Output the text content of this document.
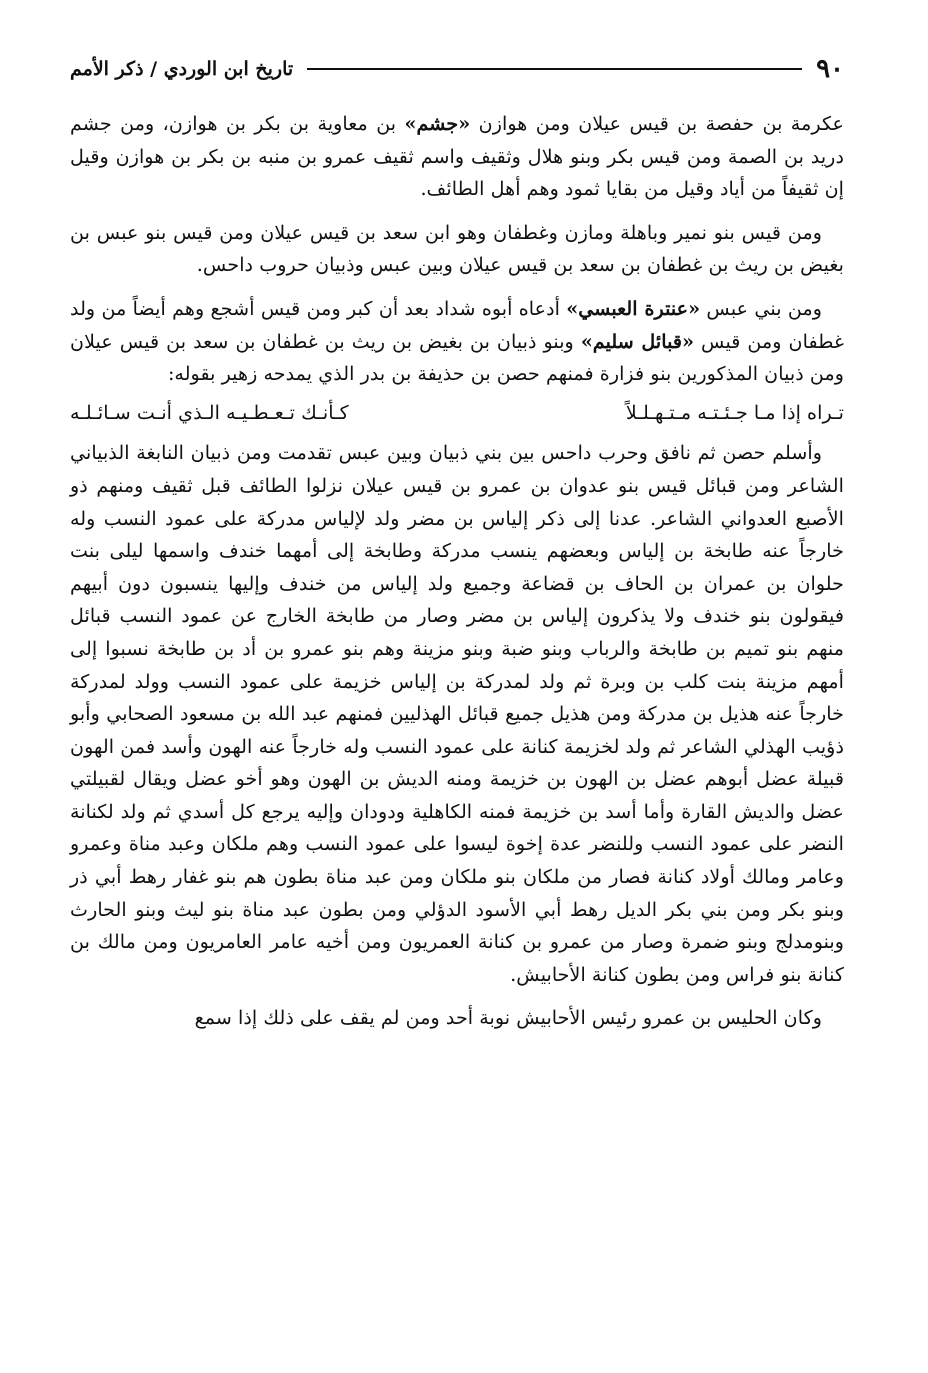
٩٠
تاريخ ابن الوردي / ذكر الأمم

عكرمة بن حفصة بن قيس عيلان ومن هوازن «جشم» بن معاوية بن بكر بن هوازن، ومن جشم دريد بن الصمة ومن قيس بكر وبنو هلال وثقيف واسم ثقيف عمرو بن منبه بن بكر بن هوازن وقيل إن ثقيفاً من أياد وقيل من بقايا ثمود وهم أهل الطائف.

ومن قيس بنو نمير وباهلة ومازن وغطفان وهو ابن سعد بن قيس عيلان ومن قيس بنو عبس بن بغيض بن ريث بن غطفان بن سعد بن قيس عيلان وبين عبس وذبيان حروب داحس.

ومن بني عبس «عنترة العبسي» أدعاه أبوه شداد بعد أن كبر ومن قيس أشجع وهم أيضاً من ولد غطفان ومن قيس «قبائل سليم» وبنو ذبيان بن بغيض بن ريث بن غطفان بن سعد بن قيس عيلان ومن ذبيان المذكورين بنو فزارة فمنهم حصن بن حذيفة بن بدر الذي يمدحه زهير بقوله:

تـراه إذا مـا جـئـتـه مـتـهـلـلاً
كـأنـك تـعـطـيـه الـذي أنـت سـائـلـه

وأسلم حصن ثم نافق وحرب داحس بين بني ذبيان وبين عبس تقدمت ومن ذبيان النابغة الذبياني الشاعر ومن قبائل قيس بنو عدوان بن عمرو بن قيس عيلان نزلوا الطائف قبل ثقيف ومنهم ذو الأصبع العدواني الشاعر. عدنا إلى ذكر إلياس بن مضر ولد لإلياس مدركة على عمود النسب وله خارجاً عنه طابخة بن إلياس وبعضهم ينسب مدركة وطابخة إلى أمهما خندف واسمها ليلى بنت حلوان بن عمران بن الحاف بن قضاعة وجميع ولد إلياس من خندف وإليها ينسبون دون أبيهم فيقولون بنو خندف ولا يذكرون إلياس بن مضر وصار من طابخة الخارج عن عمود النسب قبائل منهم بنو تميم بن طابخة والرباب وبنو ضبة وبنو مزينة وهم بنو عمرو بن أد بن طابخة نسبوا إلى أمهم مزينة بنت كلب بن وبرة ثم ولد لمدركة بن إلياس خزيمة على عمود النسب وولد لمدركة خارجاً عنه هذيل بن مدركة ومن هذيل جميع قبائل الهذليين فمنهم عبد الله بن مسعود الصحابي وأبو ذؤيب الهذلي الشاعر ثم ولد لخزيمة كنانة على عمود النسب وله خارجاً عنه الهون وأسد فمن الهون قبيلة عضل أبوهم عضل بن الهون بن خزيمة ومنه الديش بن الهون وهو أخو عضل ويقال لقبيلتي عضل والديش القارة وأما أسد بن خزيمة فمنه الكاهلية ودودان وإليه يرجع كل أسدي ثم ولد لكنانة النضر على عمود النسب وللنضر عدة إخوة ليسوا على عمود النسب وهم ملكان وعبد مناة وعمرو وعامر ومالك أولاد كنانة فصار من ملكان بنو ملكان ومن عبد مناة بطون هم بنو غفار رهط أبي ذر وبنو بكر ومن بني بكر الديل رهط أبي الأسود الدؤلي ومن بطون عبد مناة بنو ليث وبنو الحارث وبنومدلج وبنو ضمرة وصار من عمرو بن كنانة العمريون ومن أخيه عامر العامريون ومن مالك بن كنانة بنو فراس ومن بطون كنانة الأحابيش.

وكان الحليس بن عمرو رئيس الأحابيش نوبة أحد ومن لم يقف على ذلك إذا سمع
